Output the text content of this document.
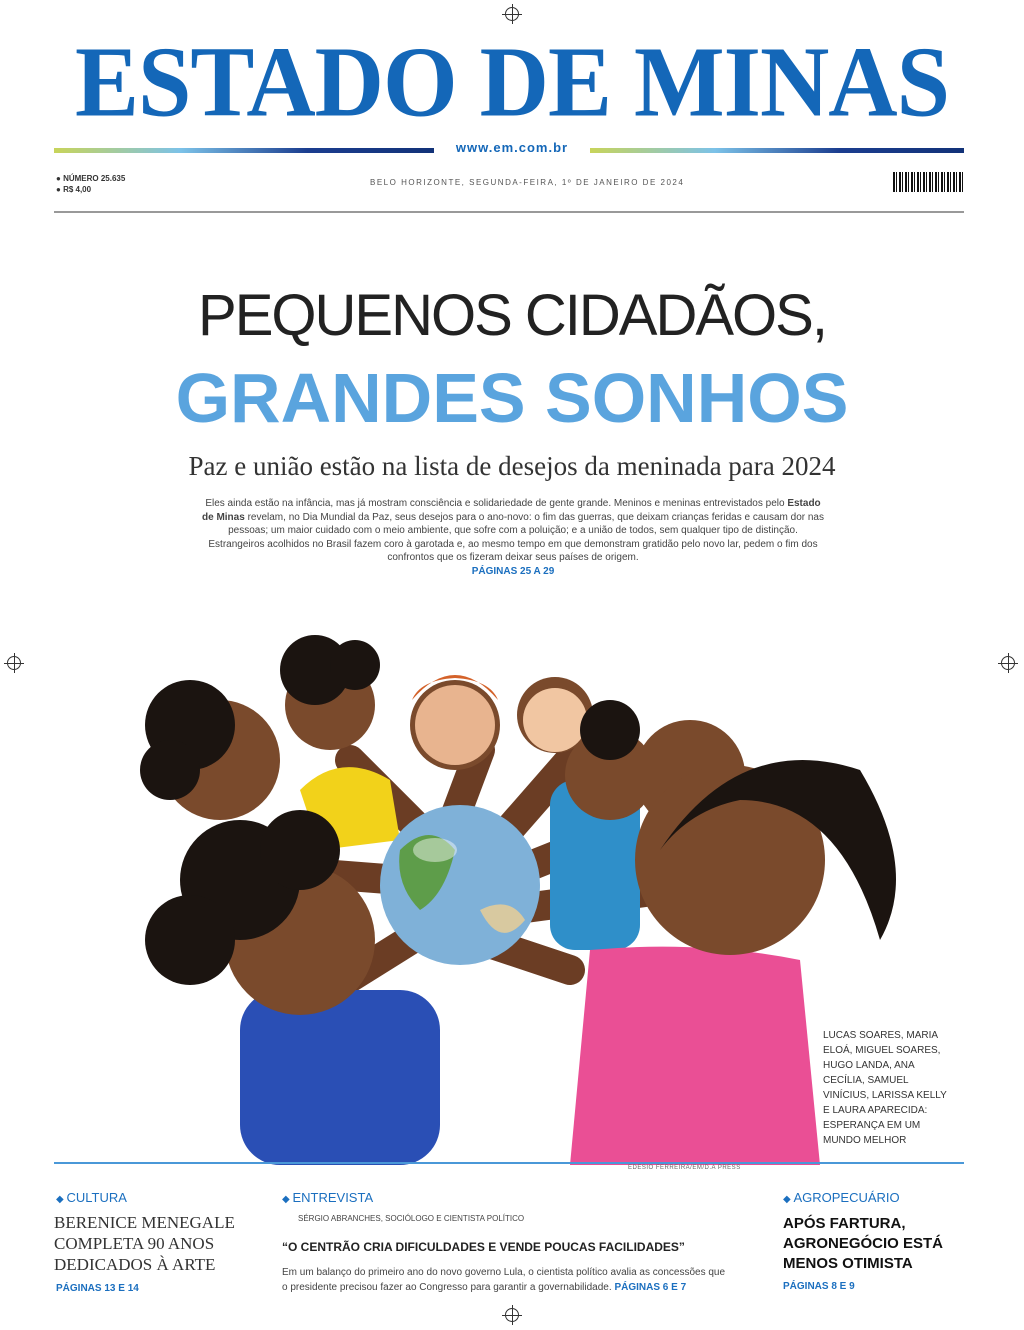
ESTADO DE MINAS
www.em.com.br
● NÚMERO 25.635
● R$ 4,00
BELO HORIZONTE, SEGUNDA-FEIRA, 1º DE JANEIRO DE 2024
PEQUENOS CIDADÃOS,
GRANDES SONHOS
Paz e união estão na lista de desejos da meninada para 2024
Eles ainda estão na infância, mas já mostram consciência e solidariedade de gente grande. Meninos e meninas entrevistados pelo Estado de Minas revelam, no Dia Mundial da Paz, seus desejos para o ano-novo: o fim das guerras, que deixam crianças feridas e causam dor nas pessoas; um maior cuidado com o meio ambiente, que sofre com a poluição; e a união de todos, sem qualquer tipo de distinção. Estrangeiros acolhidos no Brasil fazem coro à garotada e, ao mesmo tempo em que demonstram gratidão pelo novo lar, pedem o fim dos confrontos que os fizeram deixar seus países de origem.
PÁGINAS 25 A 29
LUCAS SOARES, MARIA ELOÁ, MIGUEL SOARES, HUGO LANDA, ANA CECÍLIA, SAMUEL VINÍCIUS, LARISSA KELLY E LAURA APARECIDA: ESPERANÇA EM UM MUNDO MELHOR
EDESIO FERREIRA/EM/D.A PRESS
◆ CULTURA
BERENICE MENEGALE COMPLETA 90 ANOS DEDICADOS À ARTE
PÁGINAS 13 E 14
◆ ENTREVISTA
SÉRGIO ABRANCHES, SOCIÓLOGO E CIENTISTA POLÍTICO
“O CENTRÃO CRIA DIFICULDADES E VENDE POUCAS FACILIDADES”
Em um balanço do primeiro ano do novo governo Lula, o cientista político avalia as concessões que o presidente precisou fazer ao Congresso para garantir a governabilidade. PÁGINAS 6 E 7
◆ AGROPECUÁRIO
APÓS FARTURA, AGRONEGÓCIO ESTÁ MENOS OTIMISTA
PÁGINAS 8 E 9
